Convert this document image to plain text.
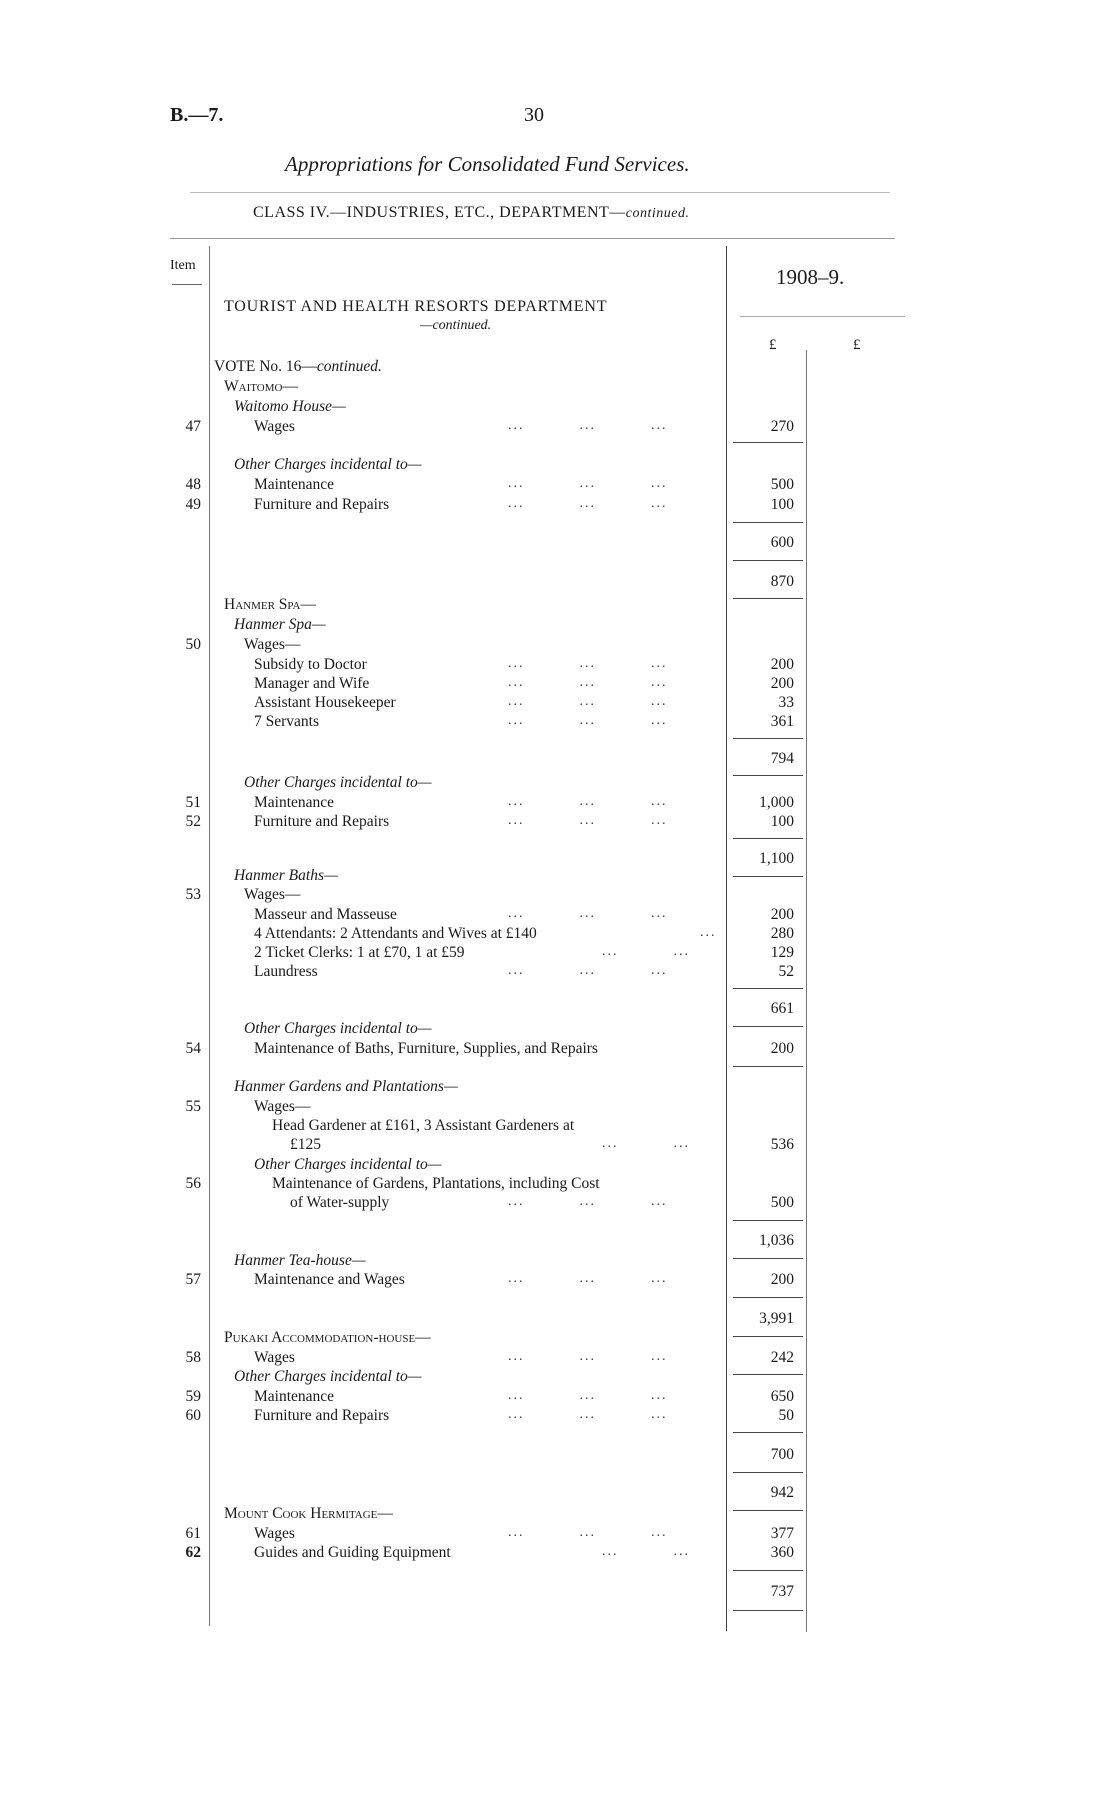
B.—7.	30
Appropriations for Consolidated Fund Services.
CLASS IV.—INDUSTRIES, ETC., DEPARTMENT—continued.
Item	1908–9.
£	£
TOURIST AND HEALTH RESORTS DEPARTMENT
—continued.
VOTE No. 16—continued.
Waitomo—
Waitomo House—
47	Wages	...          ...          ...	270
Other Charges incidental to—
48	Maintenance	...          ...          ...	500
49	Furniture and Repairs	...          ...          ...	100
600
870
Hanmer Spa—
Hanmer Spa—
50	Wages—
Subsidy to Doctor	...          ...          ...	200
Manager and Wife	...          ...          ...	200
Assistant Housekeeper	...          ...          ...	33
7 Servants	...          ...          ...	361
794
Other Charges incidental to—
51	Maintenance	...          ...          ...	1,000
52	Furniture and Repairs	...          ...          ...	100
1,100
Hanmer Baths—
53	Wages—
Masseur and Masseuse	...          ...          ...	200
4 Attendants: 2 Attendants and Wives at £140	...	280
2 Ticket Clerks: 1 at £70, 1 at £59	...          ...	129
Laundress	...          ...          ...	52
661
Other Charges incidental to—
54	Maintenance of Baths, Furniture, Supplies, and Repairs	200
Hanmer Gardens and Plantations—
55	Wages—
Head Gardener at £161, 3 Assistant Gardeners at
£125	...          ...	536
Other Charges incidental to—
56	Maintenance of Gardens, Plantations, including Cost
of Water-supply	...          ...          ...	500
1,036
Hanmer Tea-house—
57	Maintenance and Wages	...          ...          ...	200
3,991
Pukaki Accommodation-house—
58	Wages	...          ...          ...	242
Other Charges incidental to—
59	Maintenance	...          ...          ...	650
60	Furniture and Repairs	...          ...          ...	50
700
942
Mount Cook Hermitage—
61	Wages	...          ...          ...	377
62	Guides and Guiding Equipment	...          ...	360
737
